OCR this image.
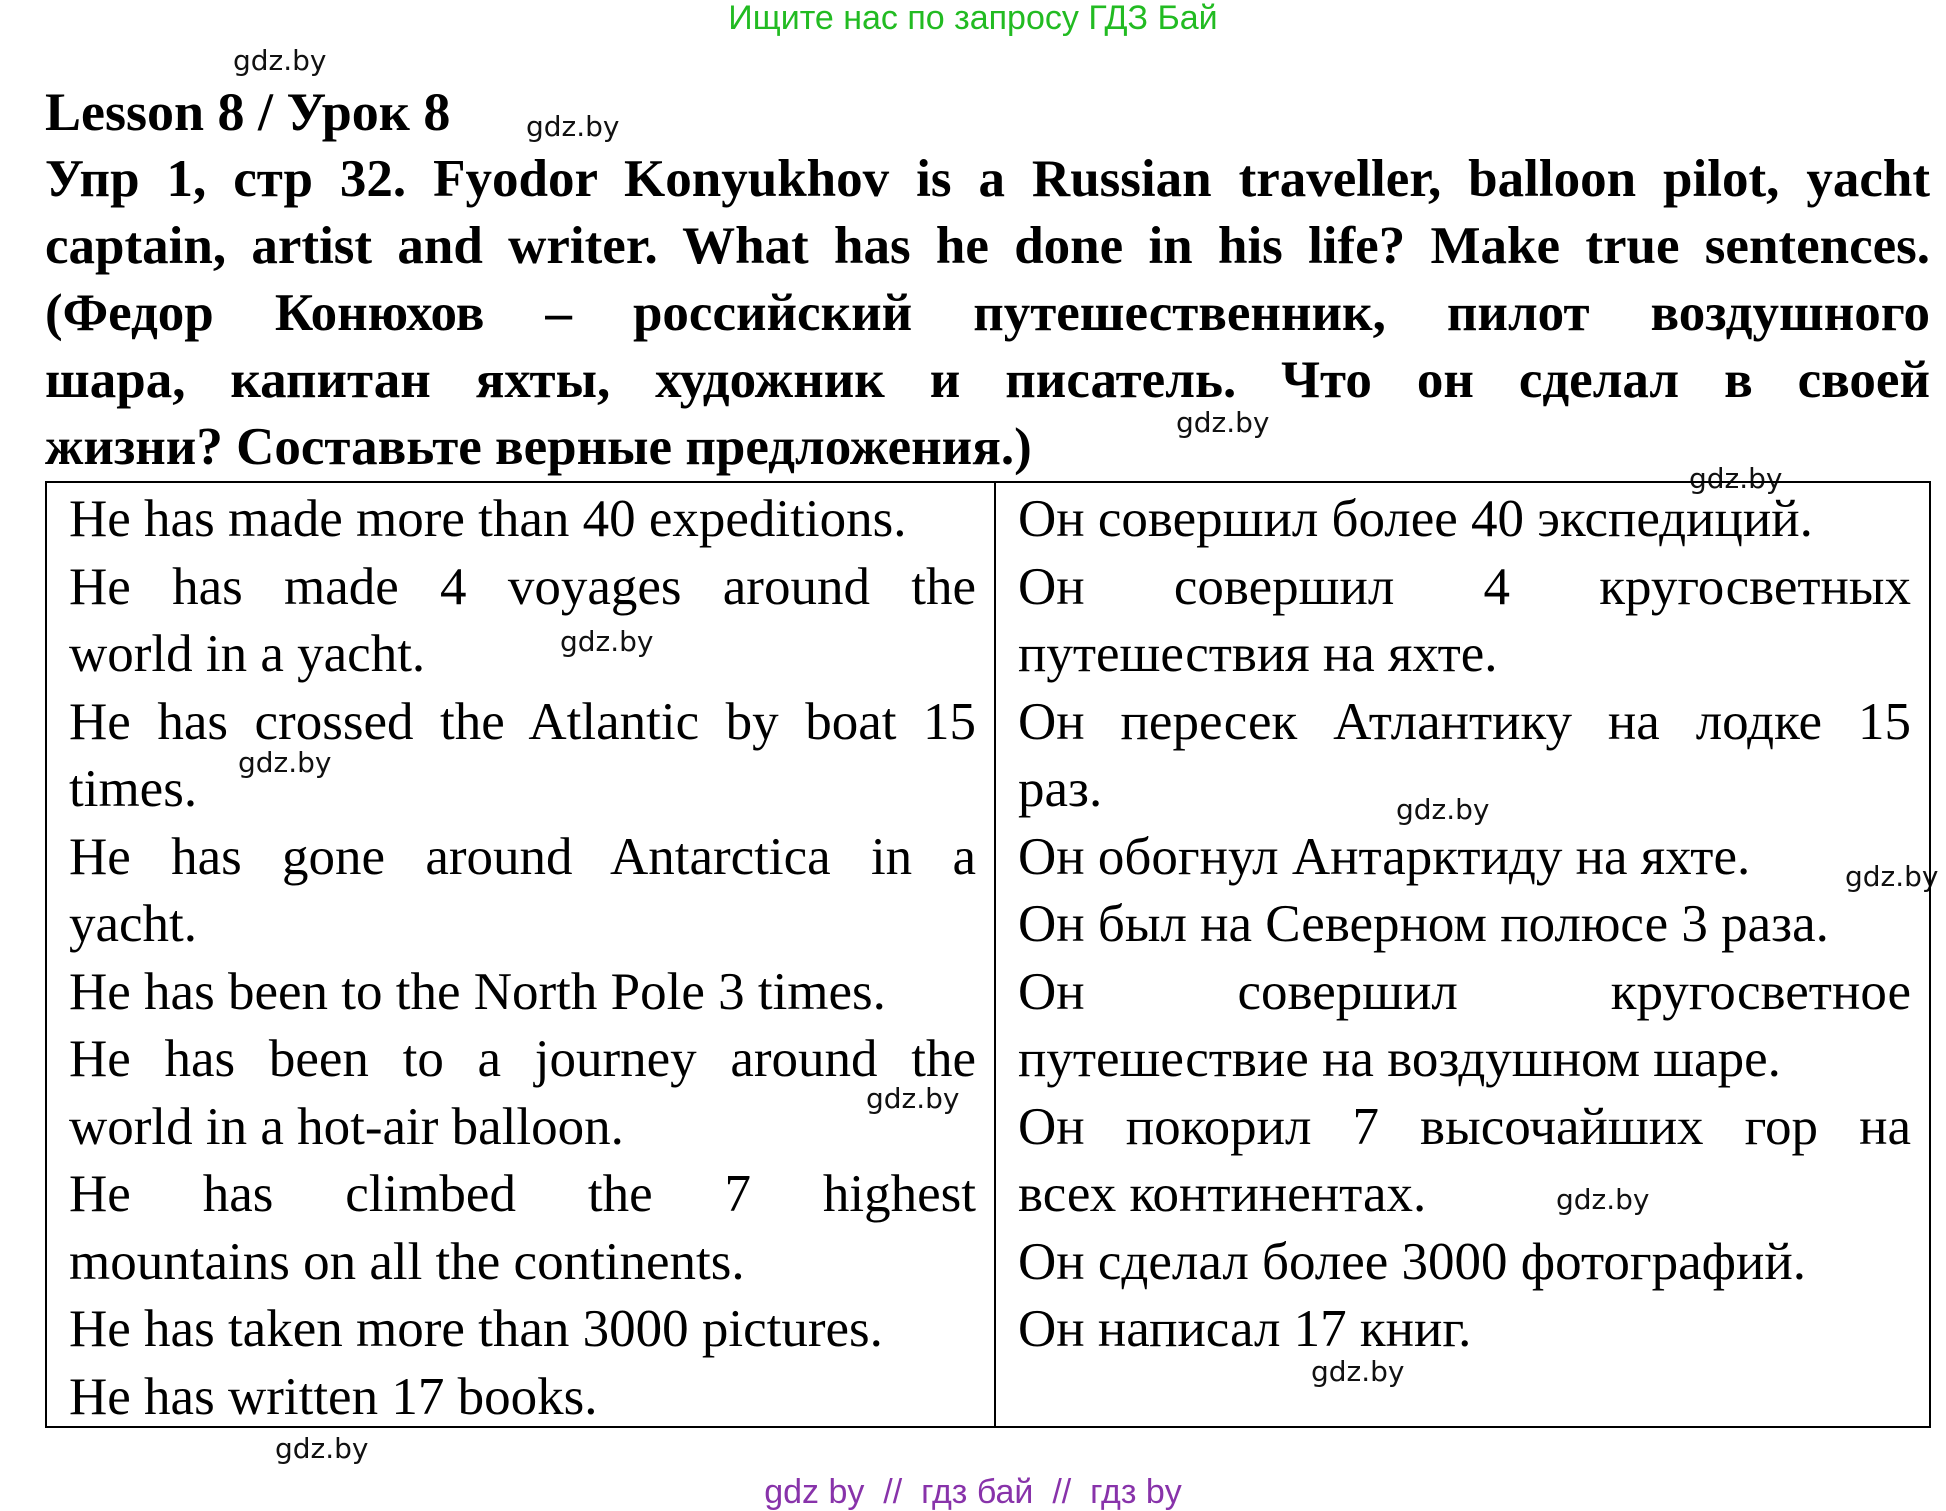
Ищите нас по запросу ГДЗ Бай
gdz.by
gdz.by
gdz.by
gdz.by
gdz.by
gdz.by
gdz.by
gdz.by
gdz.by
gdz.by
gdz.by
gdz.by
Lesson 8 / Урок 8
Упр 1, стр 32. Fyodor Konyukhov is a Russian traveller, balloon pilot, yacht
captain, artist and writer. What has he done in his life? Make true sentences.
(Федор Конюхов – российский путешественник, пилот воздушного
шара, капитан яхты, художник и писатель. Что он сделал в своей
жизни? Составьте верные предложения.)
He has made more than 40 expeditions.
He has made 4 voyages around the
world in a yacht.
He has crossed the Atlantic by boat 15
times.
He has gone around Antarctica in a
yacht.
He has been to the North Pole 3 times.
He has been to a journey around the
world in a hot-air balloon.
He has climbed the 7 highest
mountains on all the continents.
He has taken more than 3000 pictures.
He has written 17 books.
Он совершил более 40 экспедиций.
Он совершил 4 кругосветных
путешествия на яхте.
Он пересек Атлантику на лодке 15
раз.
Он обогнул Антарктиду на яхте.
Он был на Северном полюсе 3 раза.
Он совершил кругосветное
путешествие на воздушном шаре.
Он покорил 7 высочайших гор на
всех континентах.
Он сделал более 3000 фотографий.
Он написал 17 книг.
gdz by  //  гдз бай  //  гдз by
